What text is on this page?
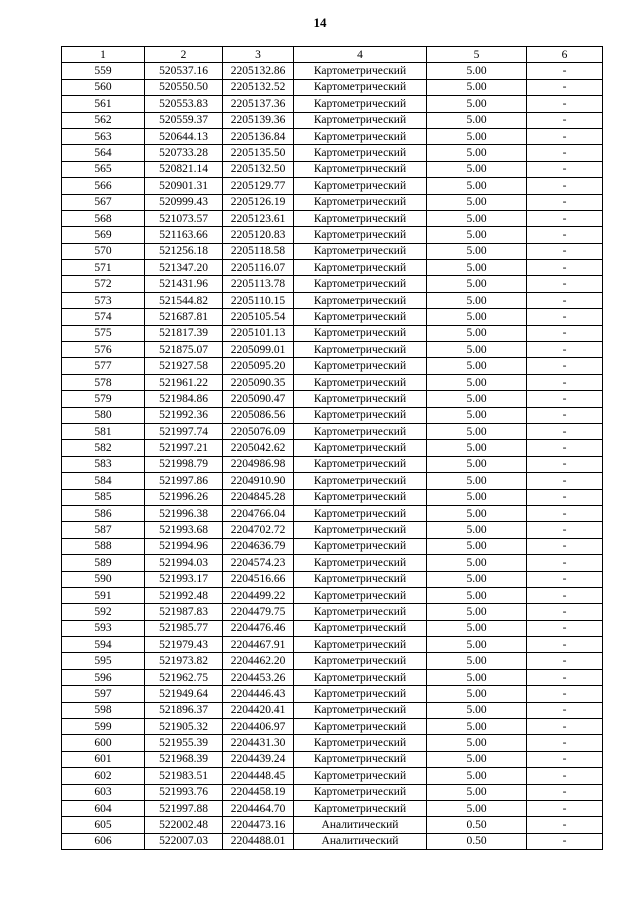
14
1	2	3	4	5	6
559	520537.16	2205132.86	Картометрический	5.00	-
560	520550.50	2205132.52	Картометрический	5.00	-
561	520553.83	2205137.36	Картометрический	5.00	-
562	520559.37	2205139.36	Картометрический	5.00	-
563	520644.13	2205136.84	Картометрический	5.00	-
564	520733.28	2205135.50	Картометрический	5.00	-
565	520821.14	2205132.50	Картометрический	5.00	-
566	520901.31	2205129.77	Картометрический	5.00	-
567	520999.43	2205126.19	Картометрический	5.00	-
568	521073.57	2205123.61	Картометрический	5.00	-
569	521163.66	2205120.83	Картометрический	5.00	-
570	521256.18	2205118.58	Картометрический	5.00	-
571	521347.20	2205116.07	Картометрический	5.00	-
572	521431.96	2205113.78	Картометрический	5.00	-
573	521544.82	2205110.15	Картометрический	5.00	-
574	521687.81	2205105.54	Картометрический	5.00	-
575	521817.39	2205101.13	Картометрический	5.00	-
576	521875.07	2205099.01	Картометрический	5.00	-
577	521927.58	2205095.20	Картометрический	5.00	-
578	521961.22	2205090.35	Картометрический	5.00	-
579	521984.86	2205090.47	Картометрический	5.00	-
580	521992.36	2205086.56	Картометрический	5.00	-
581	521997.74	2205076.09	Картометрический	5.00	-
582	521997.21	2205042.62	Картометрический	5.00	-
583	521998.79	2204986.98	Картометрический	5.00	-
584	521997.86	2204910.90	Картометрический	5.00	-
585	521996.26	2204845.28	Картометрический	5.00	-
586	521996.38	2204766.04	Картометрический	5.00	-
587	521993.68	2204702.72	Картометрический	5.00	-
588	521994.96	2204636.79	Картометрический	5.00	-
589	521994.03	2204574.23	Картометрический	5.00	-
590	521993.17	2204516.66	Картометрический	5.00	-
591	521992.48	2204499.22	Картометрический	5.00	-
592	521987.83	2204479.75	Картометрический	5.00	-
593	521985.77	2204476.46	Картометрический	5.00	-
594	521979.43	2204467.91	Картометрический	5.00	-
595	521973.82	2204462.20	Картометрический	5.00	-
596	521962.75	2204453.26	Картометрический	5.00	-
597	521949.64	2204446.43	Картометрический	5.00	-
598	521896.37	2204420.41	Картометрический	5.00	-
599	521905.32	2204406.97	Картометрический	5.00	-
600	521955.39	2204431.30	Картометрический	5.00	-
601	521968.39	2204439.24	Картометрический	5.00	-
602	521983.51	2204448.45	Картометрический	5.00	-
603	521993.76	2204458.19	Картометрический	5.00	-
604	521997.88	2204464.70	Картометрический	5.00	-
605	522002.48	2204473.16	Аналитический	0.50	-
606	522007.03	2204488.01	Аналитический	0.50	-
